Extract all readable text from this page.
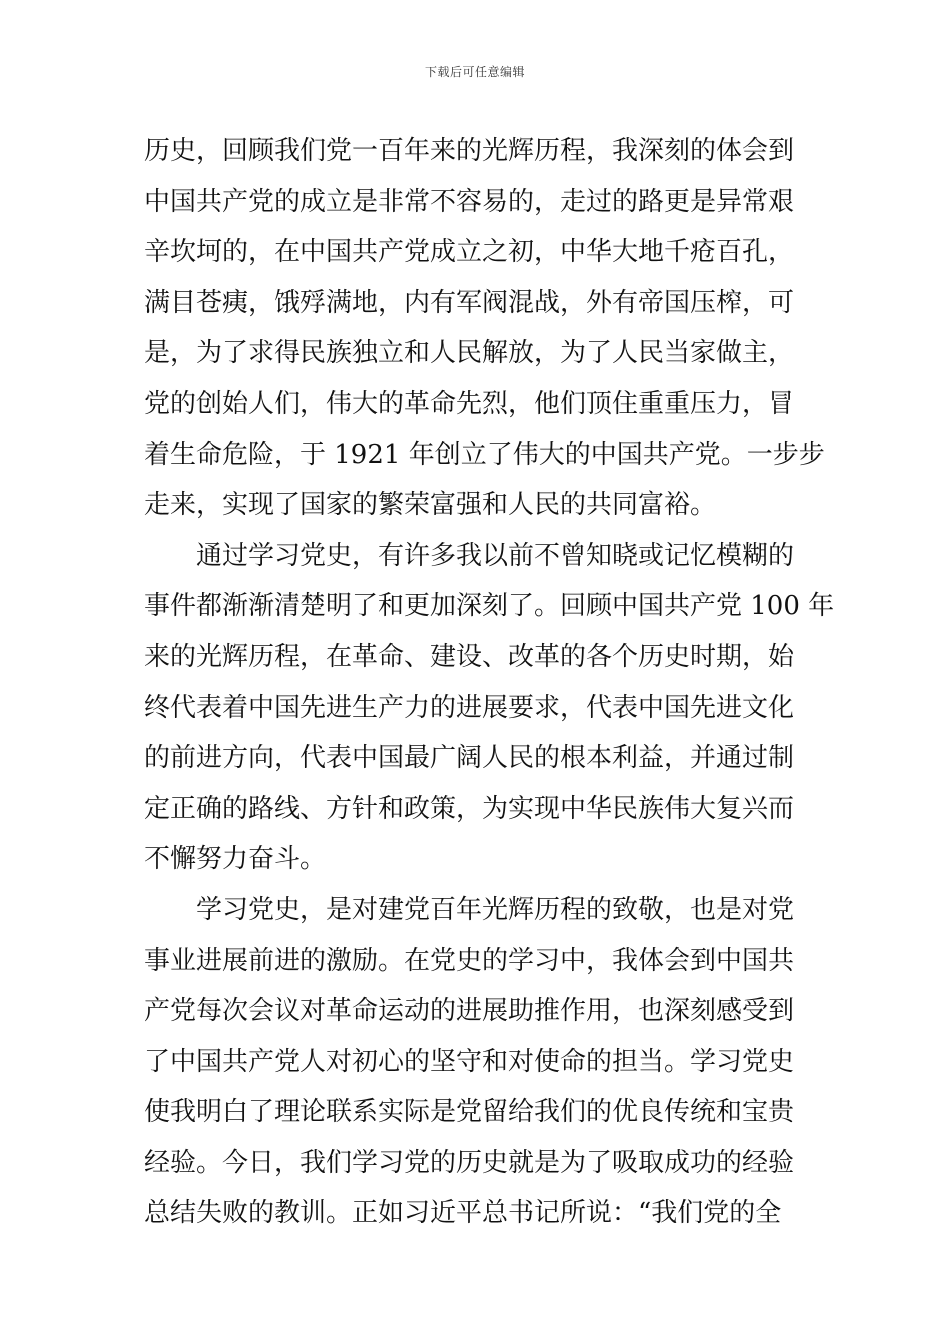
下载后可任意编辑
历史，回顾我们党一百年来的光辉历程，我深刻的体会到
中国共产党的成立是非常不容易的，走过的路更是异常艰
辛坎坷的，在中国共产党成立之初，中华大地千疮百孔，
满目苍痍，饿殍满地，内有军阀混战，外有帝国压榨，可
是，为了求得民族独立和人民解放，为了人民当家做主，
党的创始人们，伟大的革命先烈，他们顶住重重压力，冒
着生命危险，于 1921 年创立了伟大的中国共产党。一步步
走来，实现了国家的繁荣富强和人民的共同富裕。
通过学习党史，有许多我以前不曾知晓或记忆模糊的
事件都渐渐清楚明了和更加深刻了。回顾中国共产党 100 年
来的光辉历程，在革命、建设、改革的各个历史时期，始
终代表着中国先进生产力的进展要求，代表中国先进文化
的前进方向，代表中国最广阔人民的根本利益，并通过制
定正确的路线、方针和政策，为实现中华民族伟大复兴而
不懈努力奋斗。
学习党史，是对建党百年光辉历程的致敬，也是对党
事业进展前进的激励。在党史的学习中，我体会到中国共
产党每次会议对革命运动的进展助推作用，也深刻感受到
了中国共产党人对初心的坚守和对使命的担当。学习党史
使我明白了理论联系实际是党留给我们的优良传统和宝贵
经验。今日，我们学习党的历史就是为了吸取成功的经验
总结失败的教训。正如习近平总书记所说：“我们党的全
